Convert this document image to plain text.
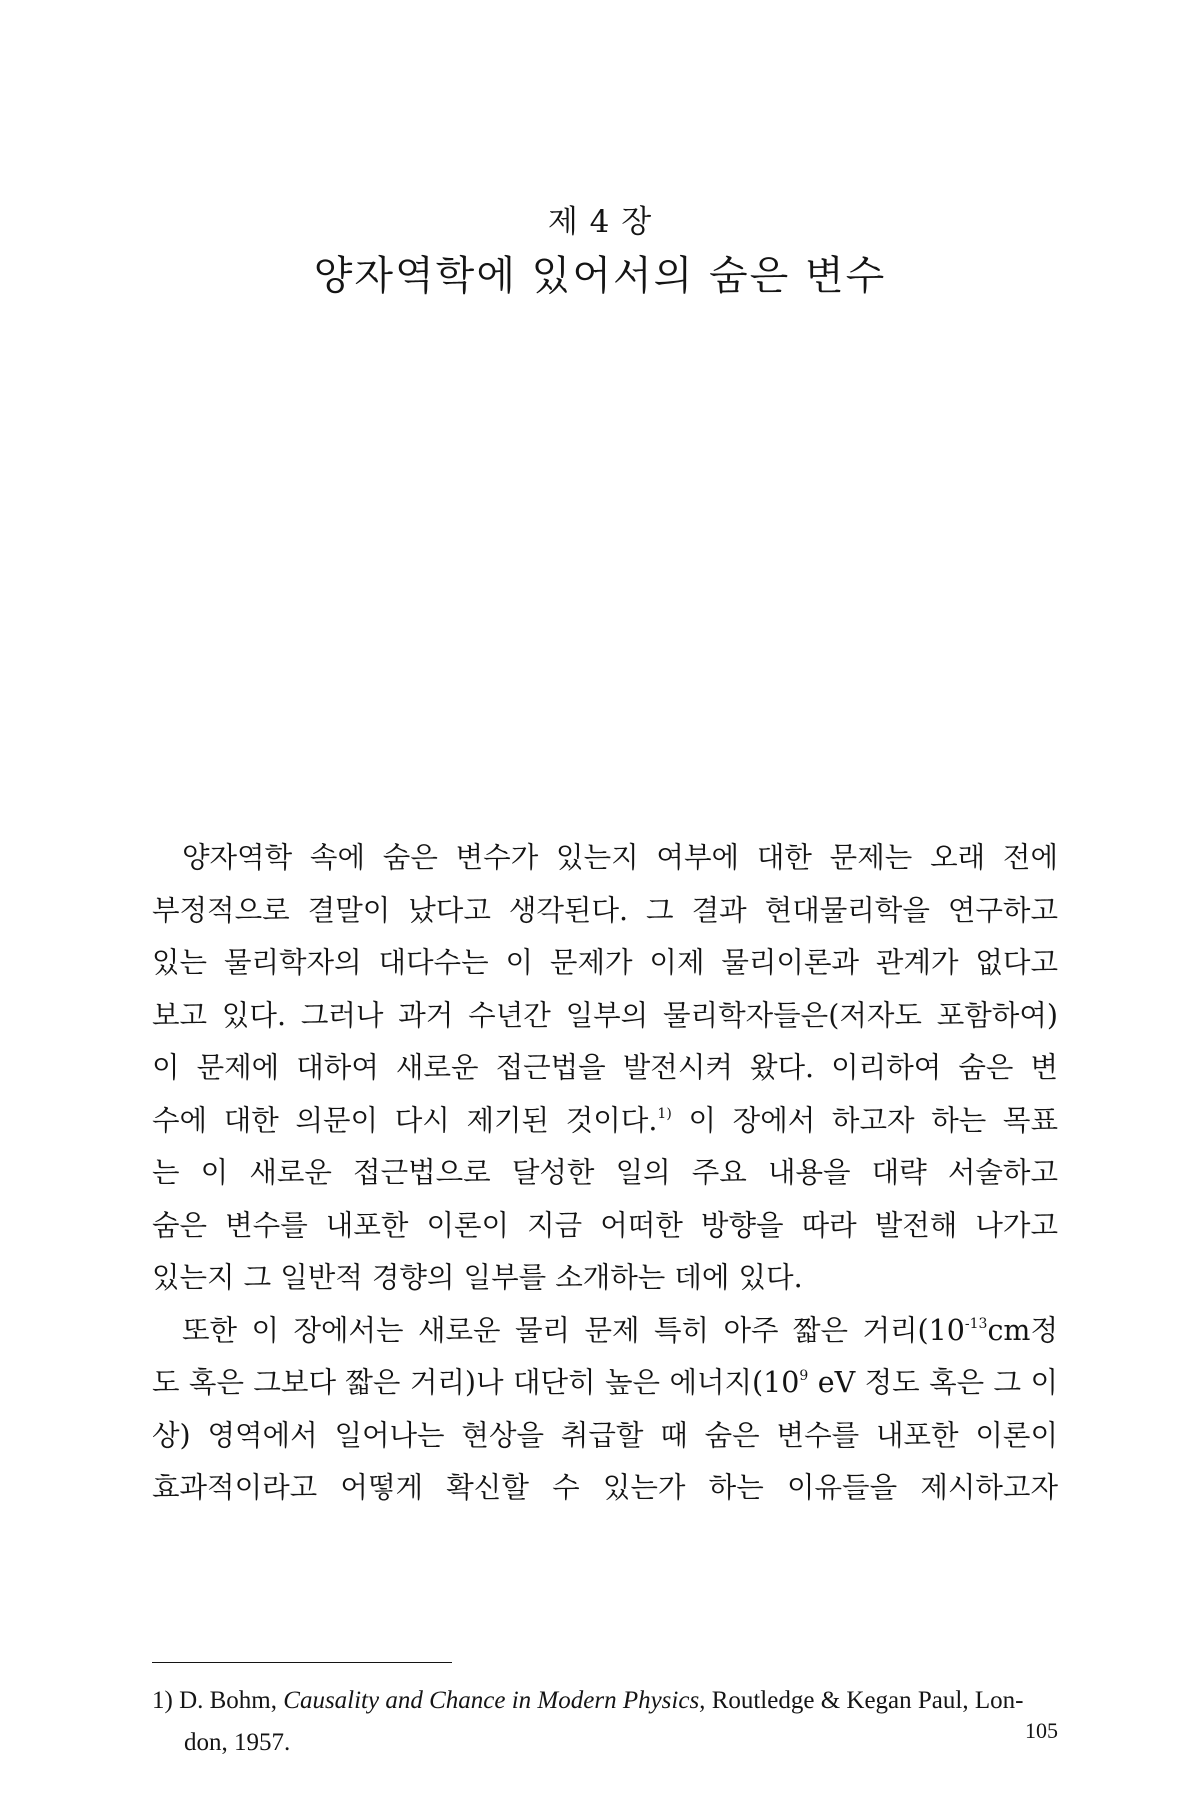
제 4 장
양자역학에 있어서의 숨은 변수
양자역학 속에 숨은 변수가 있는지 여부에 대한 문제는 오래 전에
부정적으로 결말이 났다고 생각된다. 그 결과 현대물리학을 연구하고
있는 물리학자의 대다수는 이 문제가 이제 물리이론과 관계가 없다고
보고 있다. 그러나 과거 수년간 일부의 물리학자들은(저자도 포함하여)
이 문제에 대하여 새로운 접근법을 발전시켜 왔다. 이리하여 숨은 변
수에 대한 의문이 다시 제기된 것이다.$^{1)}$ 이 장에서 하고자 하는 목표
는 이 새로운 접근법으로 달성한 일의 주요 내용을 대략 서술하고
숨은 변수를 내포한 이론이 지금 어떠한 방향을 따라 발전해 나가고
있는지 그 일반적 경향의 일부를 소개하는 데에 있다.
또한 이 장에서는 새로운 물리 문제 특히 아주 짧은 거리($10^{-13}cm$정
도 혹은 그보다 짧은 거리)나 대단히 높은 에너지($10^9$ eV 정도 혹은 그 이
상) 영역에서 일어나는 현상을 취급할 때 숨은 변수를 내포한 이론이
효과적이라고 어떻게 확신할 수 있는가 하는 이유들을 제시하고자
1) D. Bohm, Causality and Chance in Modern Physics, Routledge & Kegan Paul, Lon-
don, 1957.	105
